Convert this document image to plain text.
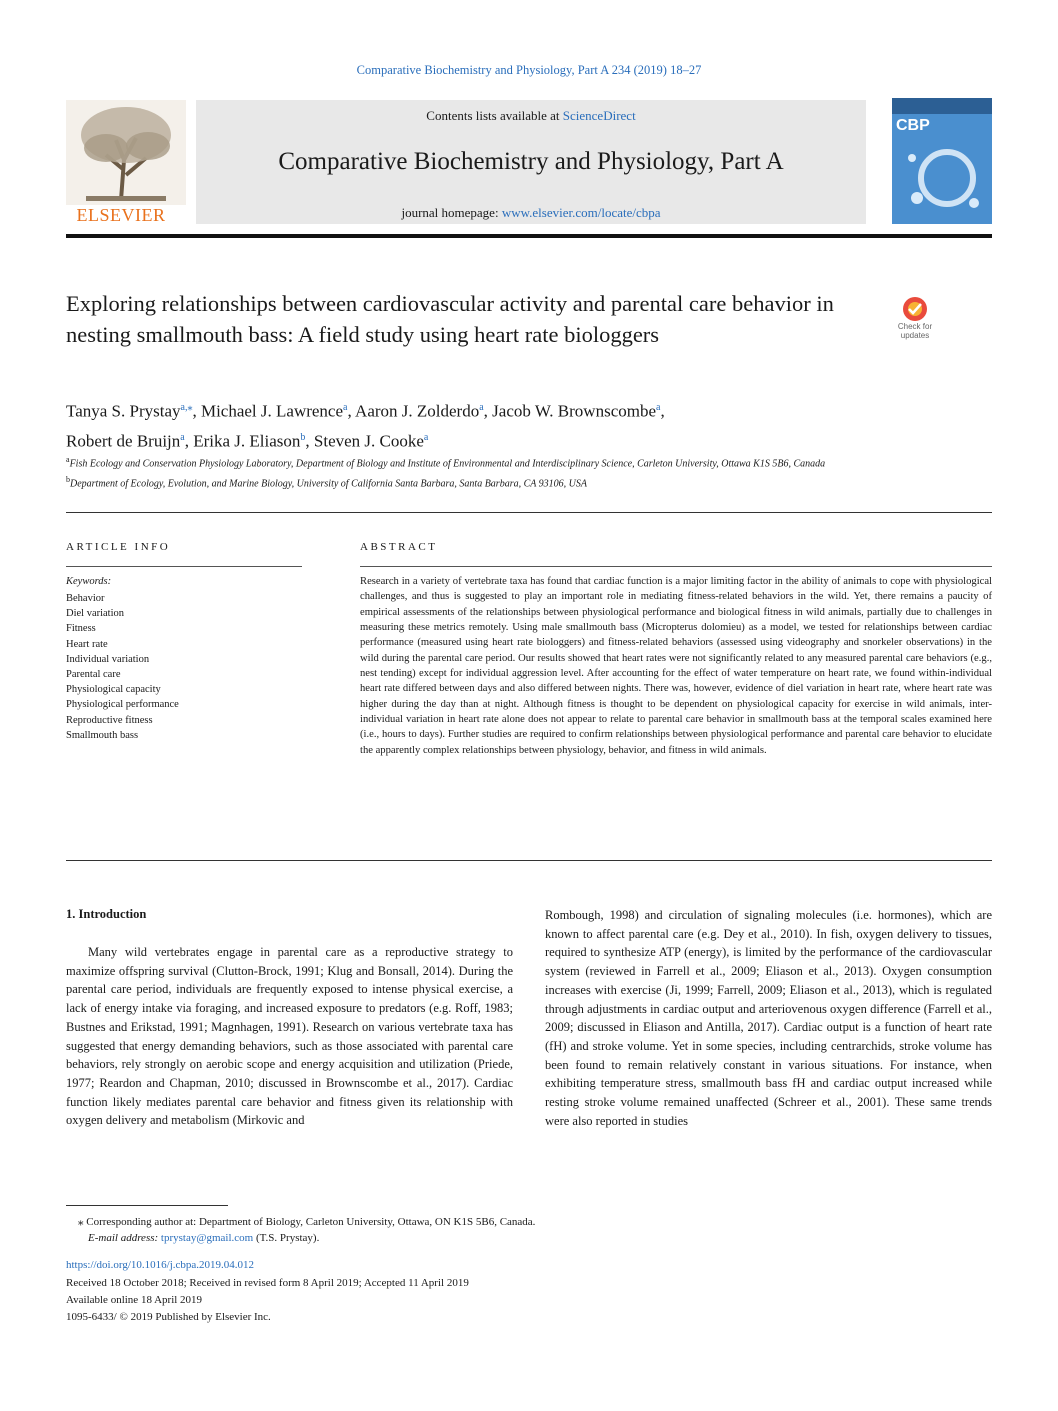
Comparative Biochemistry and Physiology, Part A 234 (2019) 18–27
ELSEVIER
Contents lists available at ScienceDirect
Comparative Biochemistry and Physiology, Part A
journal homepage: www.elsevier.com/locate/cbpa
CBP
Exploring relationships between cardiovascular activity and parental care behavior in nesting smallmouth bass: A field study using heart rate biologgers	Check for
updates
Tanya S. Prystay$^{a,⁎}$, Michael J. Lawrence$^a$, Aaron J. Zolderdo$^a$, Jacob W. Brownscombe$^a$,
Robert de Bruijn$^a$, Erika J. Eliason$^b$, Steven J. Cooke$^a$
$^a$Fish Ecology and Conservation Physiology Laboratory, Department of Biology and Institute of Environmental and Interdisciplinary Science, Carleton University, Ottawa K1S 5B6, Canada
$^b$Department of Ecology, Evolution, and Marine Biology, University of California Santa Barbara, Santa Barbara, CA 93106, USA
ARTICLE INFO	ABSTRACT
Keywords:
Behavior
Diel variation
Fitness
Heart rate
Individual variation
Parental care
Physiological capacity
Physiological performance
Reproductive fitness
Smallmouth bass

Research in a variety of vertebrate taxa has found that cardiac function is a major limiting factor in the ability of animals to cope with physiological challenges, and thus is suggested to play an important role in mediating fitness-related behaviors in the wild. Yet, there remains a paucity of empirical assessments of the relationships between physiological performance and biological fitness in wild animals, partially due to challenges in measuring these metrics remotely. Using male smallmouth bass (Micropterus dolomieu) as a model, we tested for relationships between cardiac performance (measured using heart rate biologgers) and fitness-related behaviors (assessed using videography and snorkeler observations) in the wild during the parental care period. Our results showed that heart rates were not significantly related to any measured parental care behaviors (e.g., nest tending) except for individual aggression level. After accounting for the effect of water temperature on heart rate, we found within-individual heart rate differed between days and also differed between nights. There was, however, evidence of diel variation in heart rate, where heart rate was higher during the day than at night. Although fitness is thought to be dependent on physiological capacity for exercise in wild animals, inter-individual variation in heart rate alone does not appear to relate to parental care behavior in smallmouth bass at the temporal scales examined here (i.e., hours to days). Further studies are required to confirm relationships between physiological performance and parental care behavior to elucidate the apparently complex relationships between physiology, behavior, and fitness in wild animals.

1. Introduction

Many wild vertebrates engage in parental care as a reproductive strategy to maximize offspring survival (Clutton-Brock, 1991; Klug and Bonsall, 2014). During the parental care period, individuals are frequently exposed to intense physical exercise, a lack of energy intake via foraging, and increased exposure to predators (e.g. Roff, 1983; Bustnes and Erikstad, 1991; Magnhagen, 1991). Research on various vertebrate taxa has suggested that energy demanding behaviors, such as those associated with parental care behaviors, rely strongly on aerobic scope and energy acquisition and utilization (Priede, 1977; Reardon and Chapman, 2010; discussed in Brownscombe et al., 2017). Cardiac function likely mediates parental care behavior and fitness given its relationship with oxygen delivery and metabolism (Mirkovic and

Rombough, 1998) and circulation of signaling molecules (i.e. hormones), which are known to affect parental care (e.g. Dey et al., 2010). In fish, oxygen delivery to tissues, required to synthesize ATP (energy), is limited by the performance of the cardiovascular system (reviewed in Farrell et al., 2009; Eliason et al., 2013). Oxygen consumption increases with exercise (Ji, 1999; Farrell, 2009; Eliason et al., 2013), which is regulated through adjustments in cardiac output and arteriovenous oxygen difference (Farrell et al., 2009; discussed in Eliason and Antilla, 2017). Cardiac output is a function of heart rate (fH) and stroke volume. Yet in some species, including centrarchids, stroke volume has been found to remain relatively constant in various situations. For instance, when exhibiting temperature stress, smallmouth bass fH and cardiac output increased while resting stroke volume remained unaffected (Schreer et al., 2001). These same trends were also reported in studies

⁎ Corresponding author at: Department of Biology, Carleton University, Ottawa, ON K1S 5B6, Canada.
E-mail address: tprystay@gmail.com (T.S. Prystay).
https://doi.org/10.1016/j.cbpa.2019.04.012
Received 18 October 2018; Received in revised form 8 April 2019; Accepted 11 April 2019
Available online 18 April 2019
1095-6433/ © 2019 Published by Elsevier Inc.
